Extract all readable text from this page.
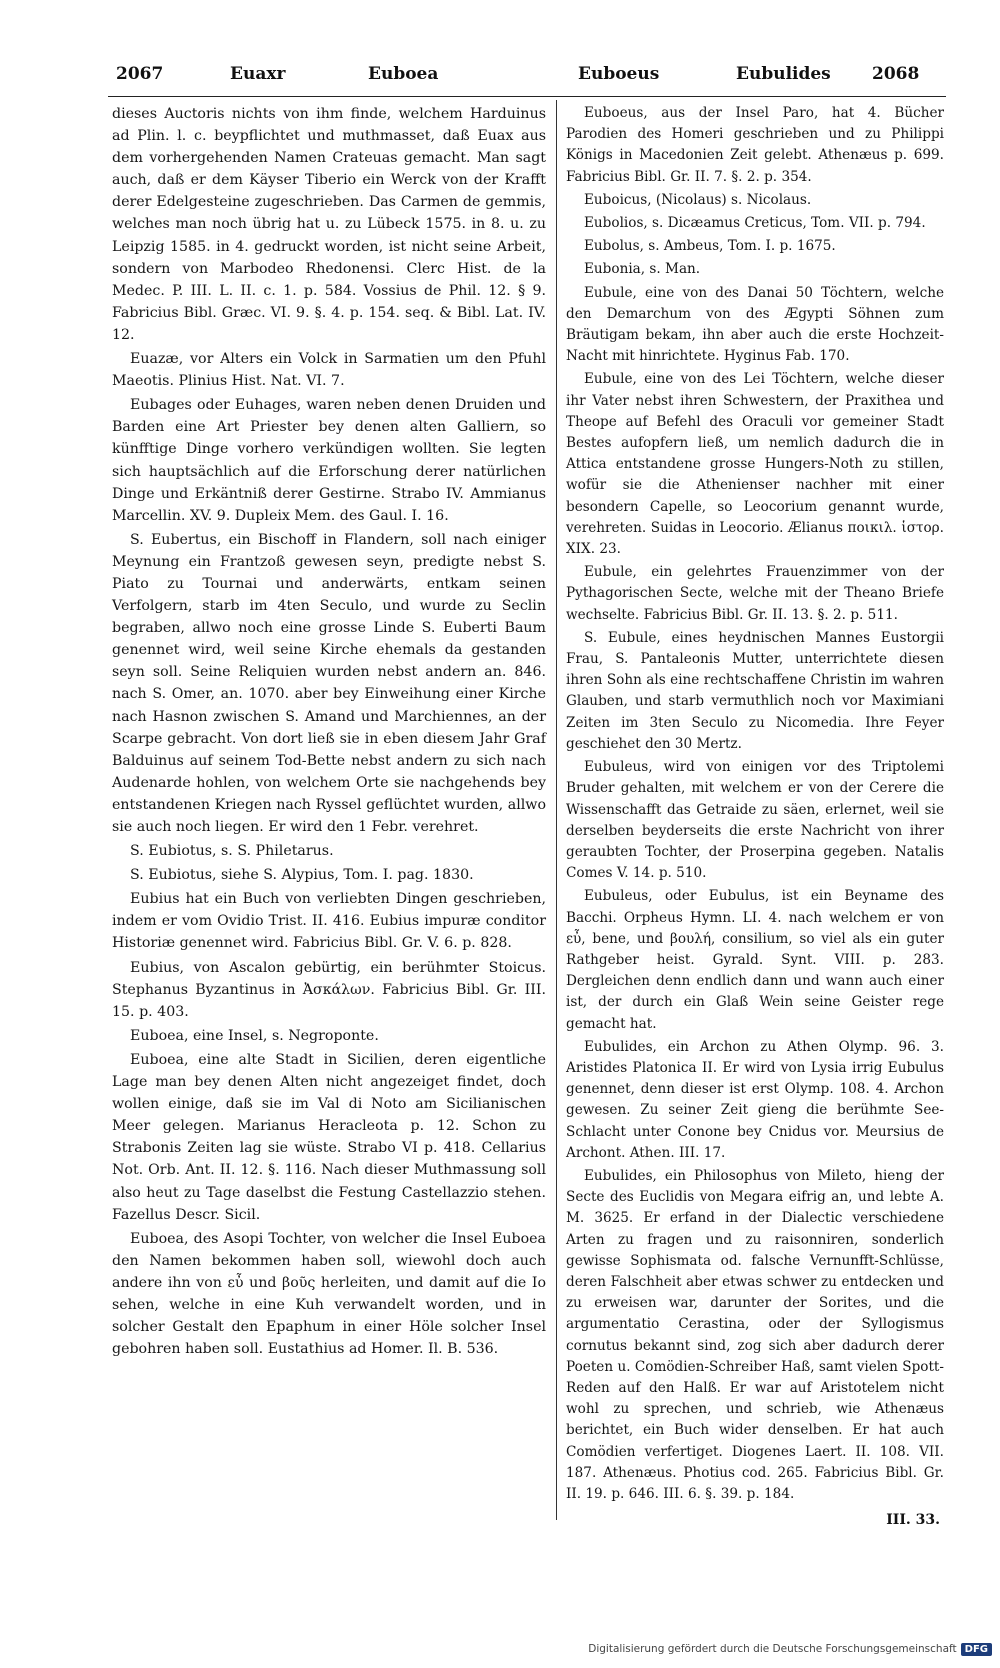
2067	Euaxr	Euboea	Euboeus	Eubulides 2068

dieses Auctoris nichts von ihm finde, welchem Harduinus ad Plin. l. c. beypflichtet und muthmasset, daß Euax aus dem vorhergehenden Namen Crateuas gemacht. Man sagt auch, daß er dem Käyser Tiberio ein Werck von der Krafft derer Edelgesteine zugeschrieben. Das Carmen de gemmis, welches man noch übrig hat u. zu Lübeck 1575. in 8. u. zu Leipzig 1585. in 4. gedruckt worden, ist nicht seine Arbeit, sondern von Marbodeo Rhedonensi. Clerc Hist. de la Medec. P. III. L. II. c. 1. p. 584. Vossius de Phil. 12. § 9. Fabricius Bibl. Græc. VI. 9. §. 4. p. 154. seq. & Bibl. Lat. IV. 12.

Euazæ, vor Alters ein Volck in Sarmatien um den Pfuhl Maeotis. Plinius Hist. Nat. VI. 7.

Eubages oder Euhages, waren neben denen Druiden und Barden eine Art Priester bey denen alten Galliern, so künfftige Dinge vorhero verkündigen wollten. Sie legten sich hauptsächlich auf die Erforschung derer natürlichen Dinge und Erkäntniß derer Gestirne. Strabo IV. Ammianus Marcellin. XV. 9. Dupleix Mem. des Gaul. I. 16.

S. Eubertus, ein Bischoff in Flandern, soll nach einiger Meynung ein Frantzoß gewesen seyn, predigte nebst S. Piato zu Tournai und anderwärts, entkam seinen Verfolgern, starb im 4ten Seculo, und wurde zu Seclin begraben, allwo noch eine grosse Linde S. Euberti Baum genennet wird, weil seine Kirche ehemals da gestanden seyn soll. Seine Reliquien wurden nebst andern an. 846. nach S. Omer, an. 1070. aber bey Einweihung einer Kirche nach Hasnon zwischen S. Amand und Marchiennes, an der Scarpe gebracht. Von dort ließ sie in eben diesem Jahr Graf Balduinus auf seinem Tod-Bette nebst andern zu sich nach Audenarde hohlen, von welchem Orte sie nachgehends bey entstandenen Kriegen nach Ryssel geflüchtet wurden, allwo sie auch noch liegen. Er wird den 1 Febr. verehret.

S. Eubiotus, s. S. Philetarus.

S. Eubiotus, siehe S. Alypius, Tom. I. pag. 1830.

Eubius hat ein Buch von verliebten Dingen geschrieben, indem er vom Ovidio Trist. II. 416. Eubius impuræ conditor Historiæ genennet wird. Fabricius Bibl. Gr. V. 6. p. 828.

Eubius, von Ascalon gebürtig, ein berühmter Stoicus. Stephanus Byzantinus in Ἀσκάλων. Fabricius Bibl. Gr. III. 15. p. 403.

Euboea, eine Insel, s. Negroponte.

Euboea, eine alte Stadt in Sicilien, deren eigentliche Lage man bey denen Alten nicht angezeiget findet, doch wollen einige, daß sie im Val di Noto am Sicilianischen Meer gelegen. Marianus Heracleota p. 12. Schon zu Strabonis Zeiten lag sie wüste. Strabo VI p. 418. Cellarius Not. Orb. Ant. II. 12. §. 116. Nach dieser Muthmassung soll also heut zu Tage daselbst die Festung Castellazzio stehen. Fazellus Descr. Sicil.

Euboea, des Asopi Tochter, von welcher die Insel Euboea den Namen bekommen haben soll, wiewohl doch auch andere ihn von εὖ und βοῦς herleiten, und damit auf die Io sehen, welche in eine Kuh verwandelt worden, und in solcher Gestalt den Epaphum in einer Höle solcher Insel gebohren haben soll. Eustathius ad Homer. Il. B. 536.

Euboeus, aus der Insel Paro, hat 4. Bücher Parodien des Homeri geschrieben und zu Philippi Königs in Macedonien Zeit gelebt. Athenæus p. 699. Fabricius Bibl. Gr. II. 7. §. 2. p. 354.

Euboicus, (Nicolaus) s. Nicolaus.

Eubolios, s. Dicæamus Creticus, Tom. VII. p. 794.

Eubolus, s. Ambeus, Tom. I. p. 1675.

Eubonia, s. Man.

Eubule, eine von des Danai 50 Töchtern, welche den Demarchum von des Ægypti Söhnen zum Bräutigam bekam, ihn aber auch die erste Hochzeit-Nacht mit hinrichtete. Hyginus Fab. 170.

Eubule, eine von des Lei Töchtern, welche dieser ihr Vater nebst ihren Schwestern, der Praxithea und Theope auf Befehl des Oraculi vor gemeiner Stadt Bestes aufopfern ließ, um nemlich dadurch die in Attica entstandene grosse Hungers-Noth zu stillen, wofür sie die Athenienser nachher mit einer besondern Capelle, so Leocorium genannt wurde, verehreten. Suidas in Leocorio. Ælianus ποικιλ. ἱστορ. XIX. 23.

Eubule, ein gelehrtes Frauenzimmer von der Pythagorischen Secte, welche mit der Theano Briefe wechselte. Fabricius Bibl. Gr. II. 13. §. 2. p. 511.

S. Eubule, eines heydnischen Mannes Eustorgii Frau, S. Pantaleonis Mutter, unterrichtete diesen ihren Sohn als eine rechtschaffene Christin im wahren Glauben, und starb vermuthlich noch vor Maximiani Zeiten im 3ten Seculo zu Nicomedia. Ihre Feyer geschiehet den 30 Mertz.

Eubuleus, wird von einigen vor des Triptolemi Bruder gehalten, mit welchem er von der Cerere die Wissenschafft das Getraide zu säen, erlernet, weil sie derselben beyderseits die erste Nachricht von ihrer geraubten Tochter, der Proserpina gegeben. Natalis Comes V. 14. p. 510.

Eubuleus, oder Eubulus, ist ein Beyname des Bacchi. Orpheus Hymn. LI. 4. nach welchem er von εὖ, bene, und βουλή, consilium, so viel als ein guter Rathgeber heist. Gyrald. Synt. VIII. p. 283. Dergleichen denn endlich dann und wann auch einer ist, der durch ein Glaß Wein seine Geister rege gemacht hat.

Eubulides, ein Archon zu Athen Olymp. 96. 3. Aristides Platonica II. Er wird von Lysia irrig Eubulus genennet, denn dieser ist erst Olymp. 108. 4. Archon gewesen. Zu seiner Zeit gieng die berühmte See-Schlacht unter Conone bey Cnidus vor. Meursius de Archont. Athen. III. 17.

Eubulides, ein Philosophus von Mileto, hieng der Secte des Euclidis von Megara eifrig an, und lebte A. M. 3625. Er erfand in der Dialectic verschiedene Arten zu fragen und zu raisonniren, sonderlich gewisse Sophismata od. falsche Vernunfft-Schlüsse, deren Falschheit aber etwas schwer zu entdecken und zu erweisen war, darunter der Sorites, und die argumentatio Cerastina, oder der Syllogismus cornutus bekannt sind, zog sich aber dadurch derer Poeten u. Comödien-Schreiber Haß, samt vielen Spott-Reden auf den Halß. Er war auf Aristotelem nicht wohl zu sprechen, und schrieb, wie Athenæus berichtet, ein Buch wider denselben. Er hat auch Comödien verfertiget. Diogenes Laert. II. 108. VII. 187. Athenæus. Photius cod. 265. Fabricius Bibl. Gr. II. 19. p. 646. III. 6. §. 39. p. 184.

III. 33.
Digitalisierung gefördert durch die Deutsche Forschungsgemeinschaft DFG
